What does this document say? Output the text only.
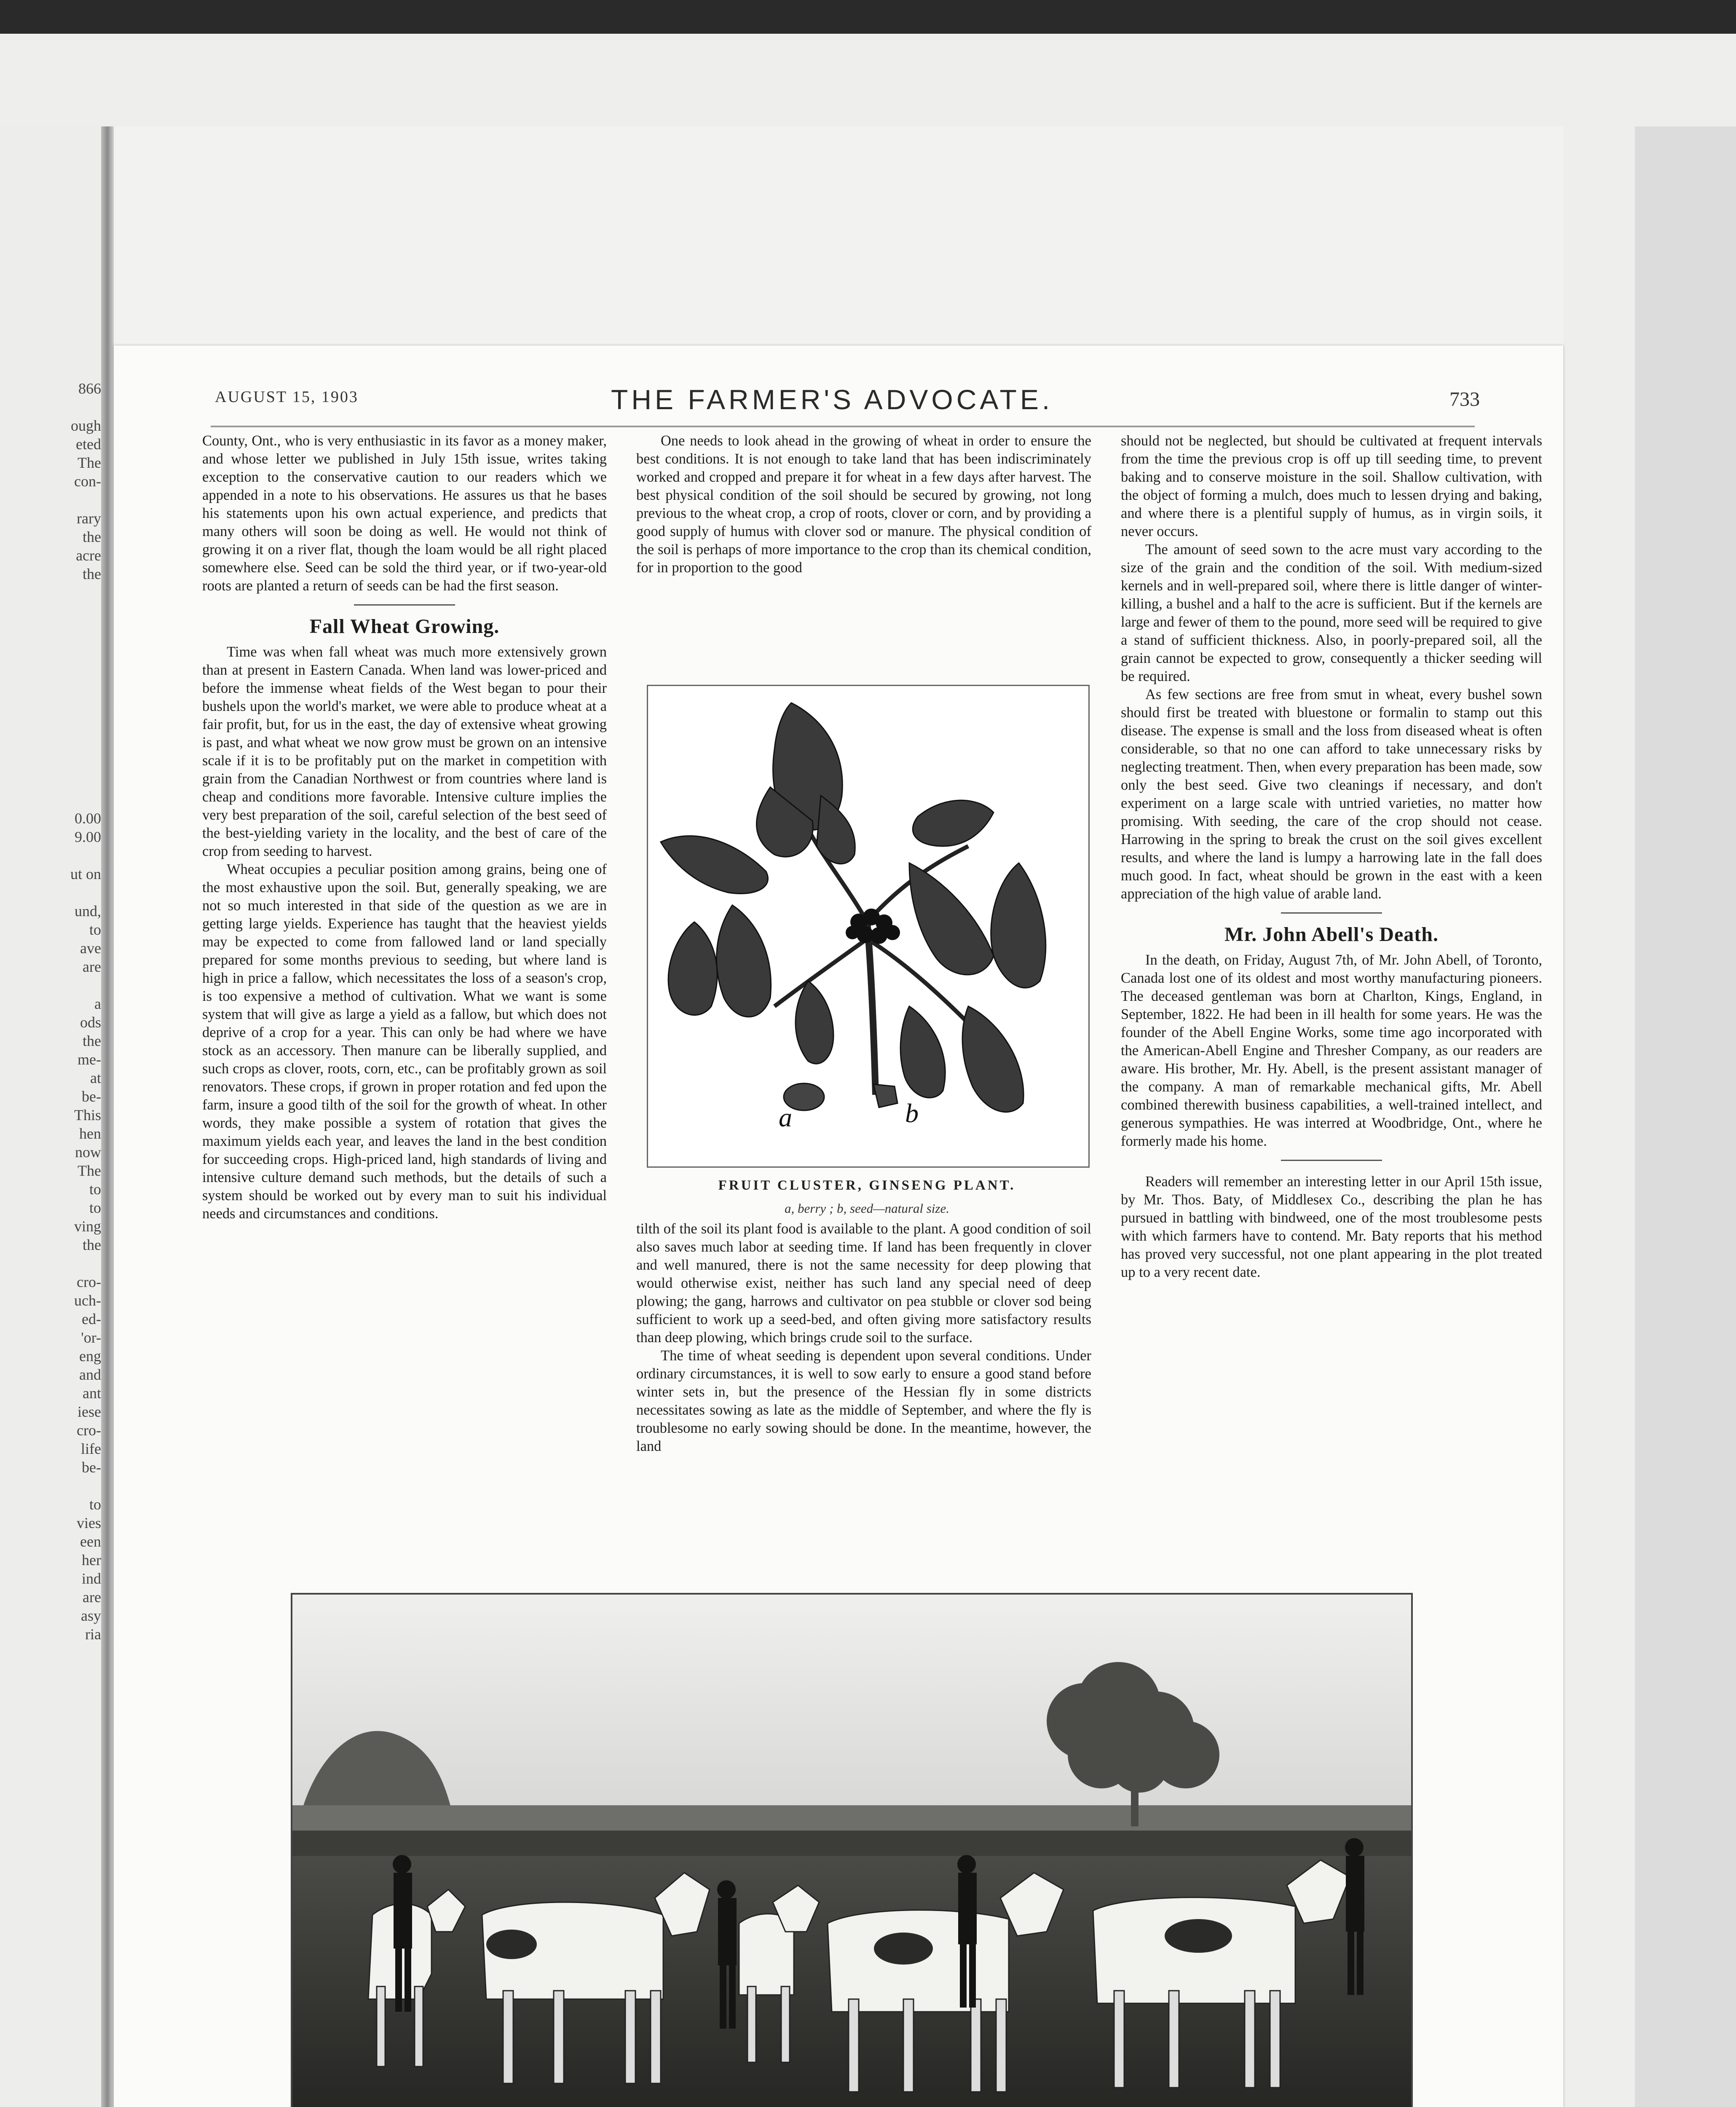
866

ough
eted
The
con-

rary
the
acre
the
0.00
9.00

ut on

und,
to
ave
are

a
ods
the
me-
at
be-
This
hen
now
The
to
to
ving
the

cro-
uch-
ed-
'or-
eng
and
ant
iese
cro-
life
be-

to
vies
een
her
ind
are
asy
ria
AUGUST 15, 1903	THE FARMER'S ADVOCATE.	733

County, Ont., who is very enthusiastic in its favor as a money maker, and whose letter we published in July 15th issue, writes taking exception to the conservative caution to our readers which we appended in a note to his observations. He assures us that he bases his statements upon his own actual experience, and predicts that many others will soon be doing as well. He would not think of growing it on a river flat, though the loam would be all right placed somewhere else. Seed can be sold the third year, or if two-year-old roots are planted a return of seeds can be had the first season.

Fall Wheat Growing.

Time was when fall wheat was much more extensively grown than at present in Eastern Canada. When land was lower-priced and before the immense wheat fields of the West began to pour their bushels upon the world's market, we were able to produce wheat at a fair profit, but, for us in the east, the day of extensive wheat growing is past, and what wheat we now grow must be grown on an intensive scale if it is to be profitably put on the market in competition with grain from the Canadian Northwest or from countries where land is cheap and conditions more favorable. Intensive culture implies the very best preparation of the soil, careful selection of the best seed of the best-yielding variety in the locality, and the best of care of the crop from seeding to harvest.

Wheat occupies a peculiar position among grains, being one of the most exhaustive upon the soil. But, generally speaking, we are not so much interested in that side of the question as we are in getting large yields. Experience has taught that the heaviest yields may be expected to come from fallowed land or land specially prepared for some months previous to seeding, but where land is high in price a fallow, which necessitates the loss of a season's crop, is too expensive a method of cultivation. What we want is some system that will give as large a yield as a fallow, but which does not deprive of a crop for a year. This can only be had where we have stock as an accessory. Then manure can be liberally supplied, and such crops as clover, roots, corn, etc., can be profitably grown as soil renovators. These crops, if grown in proper rotation and fed upon the farm, insure a good tilth of the soil for the growth of wheat. In other words, they make possible a system of rotation that gives the maximum yields each year, and leaves the land in the best condition for succeeding crops. High-priced land, high standards of living and intensive culture demand such methods, but the details of such a system should be worked out by every man to suit his individual needs and circumstances and conditions.

One needs to look ahead in the growing of wheat in order to ensure the best conditions. It is not enough to take land that has been indiscriminately worked and cropped and prepare it for wheat in a few days after harvest. The best physical condition of the soil should be secured by growing, not long previous to the wheat crop, a crop of roots, clover or corn, and by providing a good supply of humus with clover sod or manure. The physical condition of the soil is perhaps of more importance to the crop than its chemical condition, for in proportion to the good

a	b
FRUIT CLUSTER, GINSENG PLANT.
a, berry ; b, seed—natural size.

tilth of the soil its plant food is available to the plant. A good condition of soil also saves much labor at seeding time. If land has been frequently in clover and well manured, there is not the same necessity for deep plowing that would otherwise exist, neither has such land any special need of deep plowing; the gang, harrows and cultivator on pea stubble or clover sod being sufficient to work up a seed-bed, and often giving more satisfactory results than deep plowing, which brings crude soil to the surface.

The time of wheat seeding is dependent upon several conditions. Under ordinary circumstances, it is well to sow early to ensure a good stand before winter sets in, but the presence of the Hessian fly in some districts necessitates sowing as late as the middle of September, and where the fly is troublesome no early sowing should be done. In the meantime, however, the land

should not be neglected, but should be cultivated at frequent intervals from the time the previous crop is off up till seeding time, to prevent baking and to conserve moisture in the soil. Shallow cultivation, with the object of forming a mulch, does much to lessen drying and baking, and where there is a plentiful supply of humus, as in virgin soils, it never occurs.

The amount of seed sown to the acre must vary according to the size of the grain and the condition of the soil. With medium-sized kernels and in well-prepared soil, where there is little danger of winter-killing, a bushel and a half to the acre is sufficient. But if the kernels are large and fewer of them to the pound, more seed will be required to give a stand of sufficient thickness. Also, in poorly-prepared soil, all the grain cannot be expected to grow, consequently a thicker seeding will be required.

As few sections are free from smut in wheat, every bushel sown should first be treated with bluestone or formalin to stamp out this disease. The expense is small and the loss from diseased wheat is often considerable, so that no one can afford to take unnecessary risks by neglecting treatment. Then, when every preparation has been made, sow only the best seed. Give two cleanings if necessary, and don't experiment on a large scale with untried varieties, no matter how promising. With seeding, the care of the crop should not cease. Harrowing in the spring to break the crust on the soil gives excellent results, and where the land is lumpy a harrowing late in the fall does much good. In fact, wheat should be grown in the east with a keen appreciation of the high value of arable land.

Mr. John Abell's Death.

In the death, on Friday, August 7th, of Mr. John Abell, of Toronto, Canada lost one of its oldest and most worthy manufacturing pioneers. The deceased gentleman was born at Charlton, Kings, England, in September, 1822. He had been in ill health for some years. He was the founder of the Abell Engine Works, some time ago incorporated with the American-Abell Engine and Thresher Company, as our readers are aware. His brother, Mr. Hy. Abell, is the present assistant manager of the company. A man of remarkable mechanical gifts, Mr. Abell combined therewith business capabilities, a well-trained intellect, and generous sympathies. He was interred at Woodbridge, Ont., where he formerly made his home.

Readers will remember an interesting letter in our April 15th issue, by Mr. Thos. Baty, of Middlesex Co., describing the plan he has pursued in battling with bindweed, one of the most troublesome pests with which farmers have to contend. Mr. Baty reports that his method has proved very successful, not one plant appearing in the plot treated up to a very recent date.
